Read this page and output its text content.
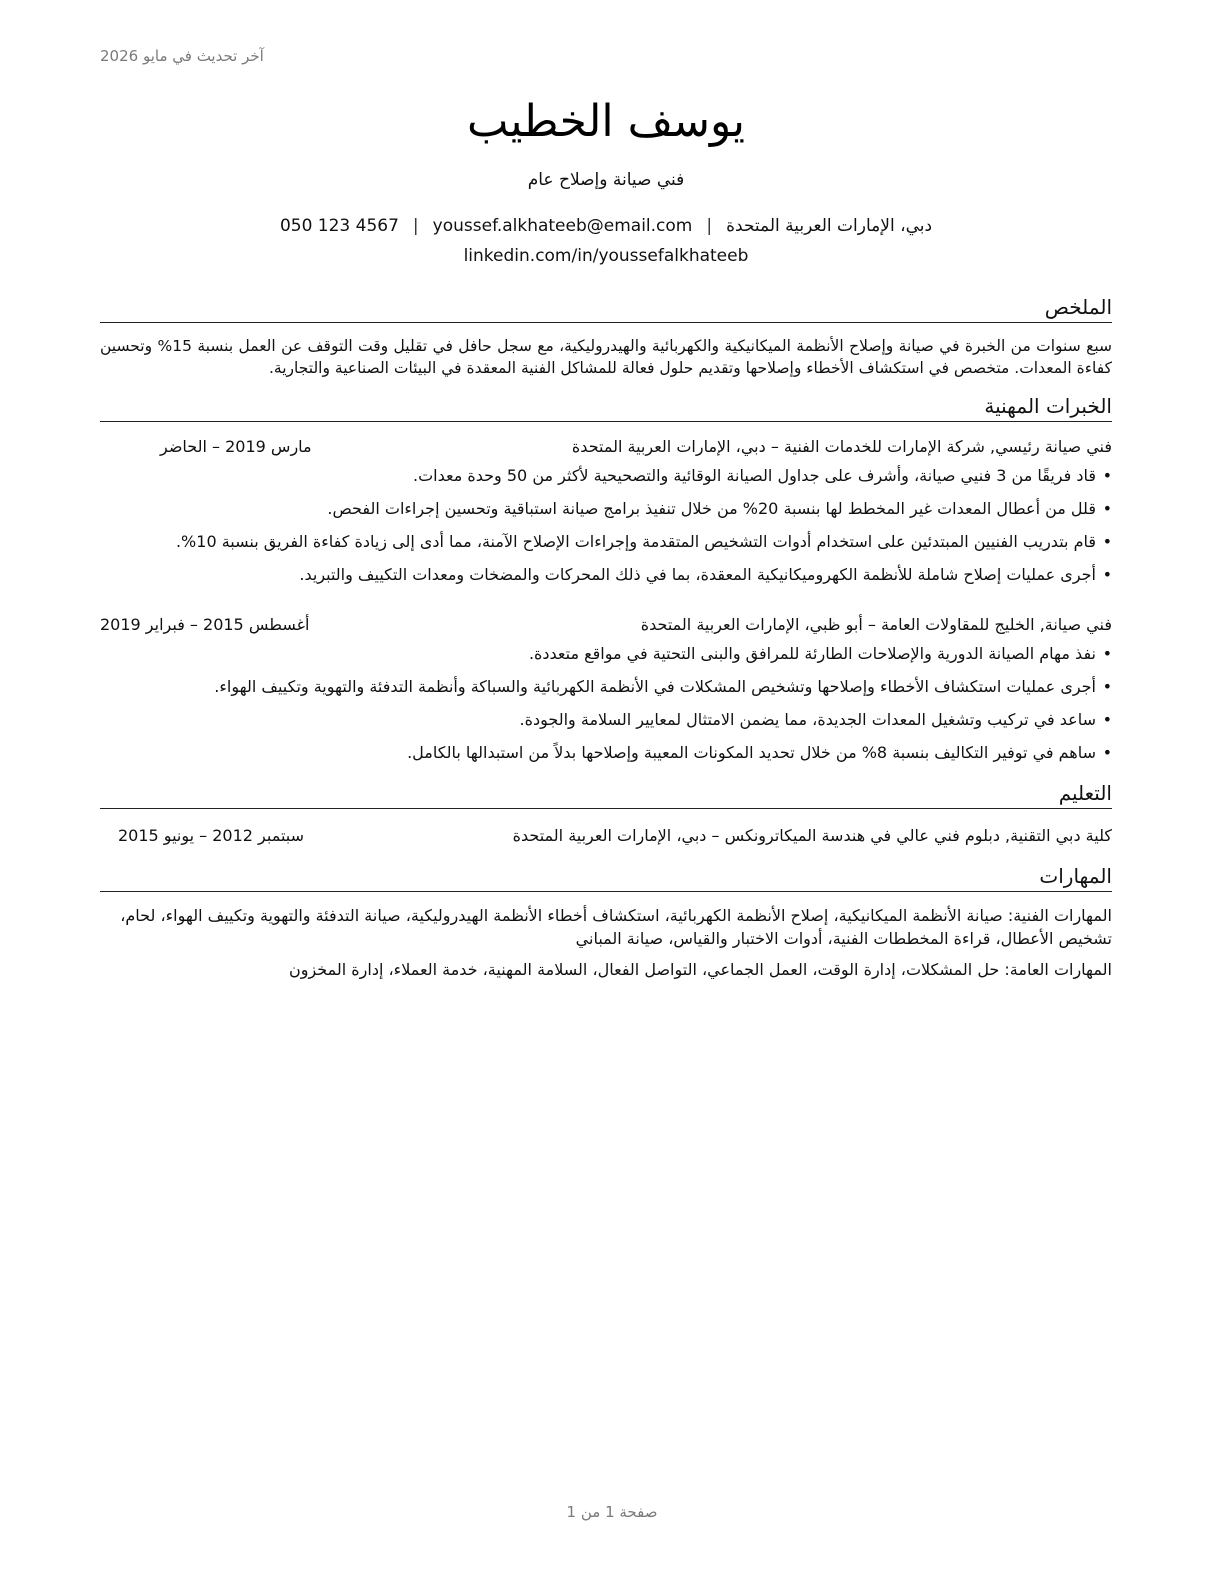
آخر تحديث في مايو 2026
يوسف الخطيب
فني صيانة وإصلاح عام
دبي، الإمارات العربية المتحدة|youssef.alkhateeb@email.com|050 123 4567
linkedin.com/in/youssefalkhateeb
الملخص
سبع سنوات من الخبرة في صيانة وإصلاح الأنظمة الميكانيكية والكهربائية والهيدروليكية، مع سجل حافل في تقليل وقت التوقف عن العمل بنسبة 15% وتحسين كفاءة المعدات. متخصص في استكشاف الأخطاء وإصلاحها وتقديم حلول فعالة للمشاكل الفنية المعقدة في البيئات الصناعية والتجارية.
الخبرات المهنية
فني صيانة رئيسي, شركة الإمارات للخدمات الفنية – دبي، الإمارات العربية المتحدة
مارس 2019 – الحاضر
• قاد فريقًا من 3 فنيي صيانة، وأشرف على جداول الصيانة الوقائية والتصحيحية لأكثر من 50 وحدة معدات.
• قلل من أعطال المعدات غير المخطط لها بنسبة 20% من خلال تنفيذ برامج صيانة استباقية وتحسين إجراءات الفحص.
• قام بتدريب الفنيين المبتدئين على استخدام أدوات التشخيص المتقدمة وإجراءات الإصلاح الآمنة، مما أدى إلى زيادة كفاءة الفريق بنسبة 10%.
• أجرى عمليات إصلاح شاملة للأنظمة الكهروميكانيكية المعقدة، بما في ذلك المحركات والمضخات ومعدات التكييف والتبريد.
فني صيانة, الخليج للمقاولات العامة – أبو ظبي، الإمارات العربية المتحدة
أغسطس 2015 – فبراير 2019
• نفذ مهام الصيانة الدورية والإصلاحات الطارئة للمرافق والبنى التحتية في مواقع متعددة.
• أجرى عمليات استكشاف الأخطاء وإصلاحها وتشخيص المشكلات في الأنظمة الكهربائية والسباكة وأنظمة التدفئة والتهوية وتكييف الهواء.
• ساعد في تركيب وتشغيل المعدات الجديدة، مما يضمن الامتثال لمعايير السلامة والجودة.
• ساهم في توفير التكاليف بنسبة 8% من خلال تحديد المكونات المعيبة وإصلاحها بدلاً من استبدالها بالكامل.
التعليم
كلية دبي التقنية, دبلوم فني عالي في هندسة الميكاترونكس – دبي، الإمارات العربية المتحدة
سبتمبر 2012 – يونيو 2015
المهارات

المهارات الفنية: صيانة الأنظمة الميكانيكية، إصلاح الأنظمة الكهربائية، استكشاف أخطاء الأنظمة الهيدروليكية، صيانة التدفئة والتهوية وتكييف الهواء، لحام، تشخيص الأعطال، قراءة المخططات الفنية، أدوات الاختبار والقياس، صيانة المباني

المهارات العامة: حل المشكلات، إدارة الوقت، العمل الجماعي، التواصل الفعال، السلامة المهنية، خدمة العملاء، إدارة المخزون

صفحة 1 من 1
